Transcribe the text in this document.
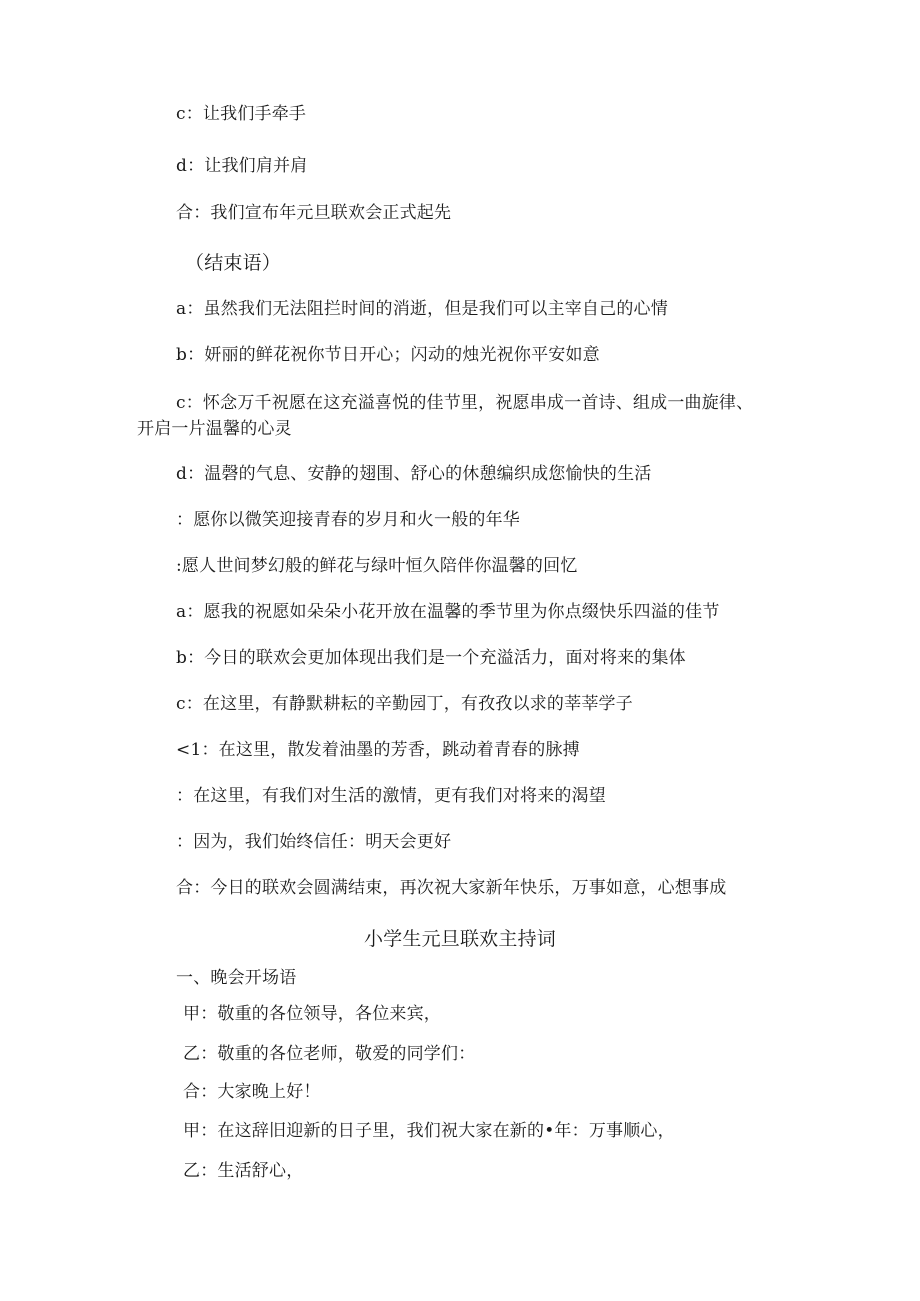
c：让我们手牵手
d：让我们肩并肩
合：我们宣布年元旦联欢会正式起先
（结束语）
a：虽然我们无法阻拦时间的消逝，但是我们可以主宰自己的心情
b：妍丽的鲜花祝你节日开心；闪动的烛光祝你平安如意
c：怀念万千祝愿在这充溢喜悦的佳节里，祝愿串成一首诗、组成一曲旋律、
开启一片温馨的心灵
d：温磬的气息、安静的翅围、舒心的休憩编织成您愉快的生活
：愿你以微笑迎接青春的岁月和火一般的年华
:愿人世间梦幻般的鲜花与绿叶恒久陪伴你温馨的回忆
a：愿我的祝愿如朵朵小花开放在温馨的季节里为你点缀快乐四溢的佳节
b：今日的联欢会更加体现出我们是一个充溢活力，面对将来的集体
c：在这里，有静默耕耘的辛勤园丁，有孜孜以求的莘莘学子
<1：在这里，散发着油墨的芳香，跳动着青春的脉搏
：在这里，有我们对生活的激情，更有我们对将来的渴望
：因为，我们始终信任：明天会更好
合：今日的联欢会圆满结束，再次祝大家新年快乐，万事如意，心想事成
小学生元旦联欢主持词
一、晚会开场语
甲：敬重的各位领导，各位来宾，
乙：敬重的各位老师，敬爱的同学们：
合：大家晚上好！
甲：在这辞旧迎新的日子里，我们祝大家在新的•年：万事顺心，
乙：生活舒心，
